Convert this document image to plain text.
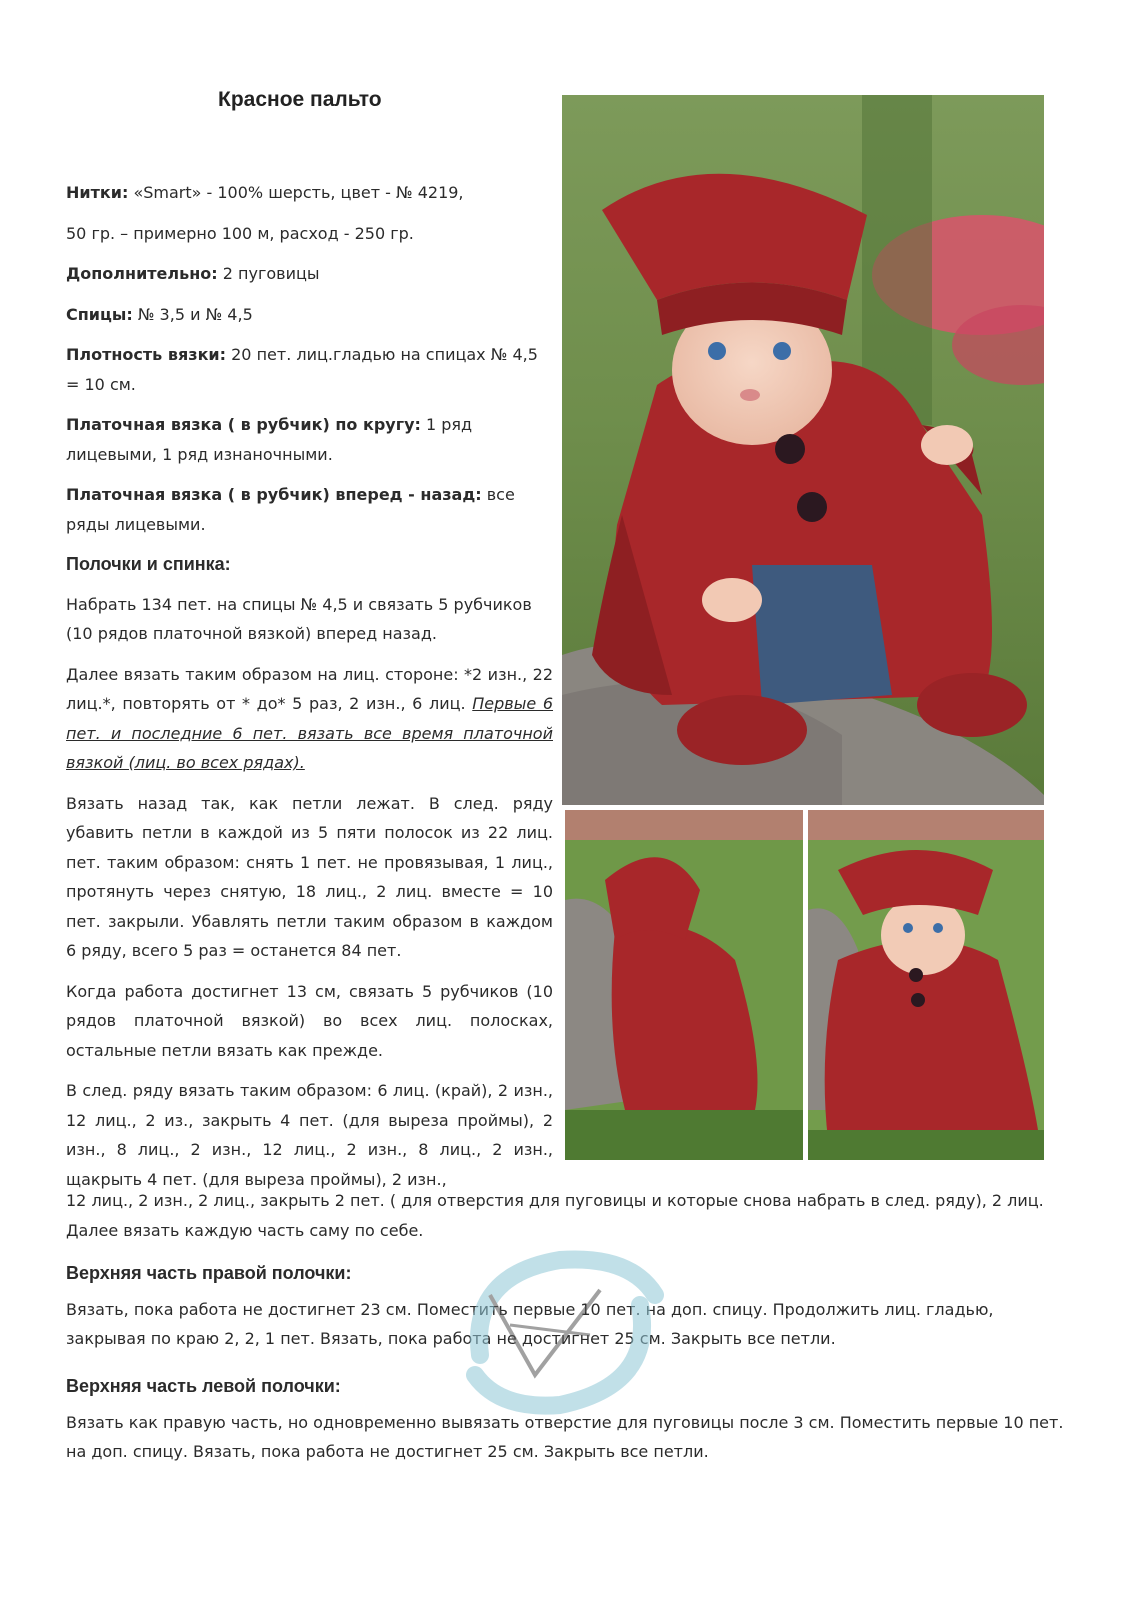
Красное пальто

Нитки: «Smart» - 100% шерсть, цвет - № 4219,

50 гр. – примерно 100 м, расход - 250 гр.

Дополнительно: 2 пуговицы

Спицы: № 3,5 и № 4,5

Плотность вязки: 20 пет. лиц.гладью на спицах № 4,5 = 10 см.

Платочная вязка ( в рубчик) по кругу: 1 ряд лицевыми, 1 ряд изнаночными.

Платочная вязка ( в рубчик) вперед - назад: все ряды лицевыми.

Полочки и спинка:

Набрать 134 пет. на спицы № 4,5 и связать 5 рубчиков (10 рядов платочной вязкой) вперед назад.

Далее вязать таким образом на лиц. стороне: *2 изн., 22 лиц.*, повторять от * до* 5 раз, 2 изн., 6 лиц. Первые 6 пет. и последние 6 пет. вязать все время платочной вязкой (лиц. во всех рядах).

Вязать назад так, как петли лежат. В след. ряду убавить петли в каждой из 5 пяти полосок из 22 лиц. пет. таким образом: снять 1 пет. не провязывая, 1 лиц., протянуть через снятую, 18 лиц., 2 лиц. вместе = 10 пет. закрыли. Убавлять петли таким образом в каждом 6 ряду, всего 5 раз = останется 84 пет.

Когда работа достигнет 13 см, связать 5 рубчиков (10 рядов платочной вязкой) во всех лиц. полосках, остальные петли вязать как прежде.

В след. ряду вязать таким образом: 6 лиц. (край), 2 изн., 12 лиц., 2 из., закрыть 4 пет. (для выреза проймы), 2 изн., 8 лиц., 2 изн., 12 лиц., 2 изн., 8 лиц., 2 изн., щакрыть 4 пет. (для выреза проймы), 2 изн.,

12 лиц., 2 изн., 2 лиц., закрыть 2 пет. ( для отверстия для пуговицы и которые снова набрать в след. ряду), 2 лиц. Далее вязать каждую часть саму по себе.

Верхняя часть правой полочки:

Вязать, пока работа не достигнет 23 см. Поместить первые 10 пет. на доп. спицу. Продолжить лиц. гладью, закрывая по краю 2, 2, 1 пет. Вязать, пока работа не достигнет 25 см. Закрыть все петли.

Верхняя часть левой полочки:

Вязать как правую часть, но одновременно вывязать отверстие для пуговицы после 3 см. Поместить первые 10 пет. на доп. спицу. Вязать, пока работа не достигнет 25 см. Закрыть все петли.
